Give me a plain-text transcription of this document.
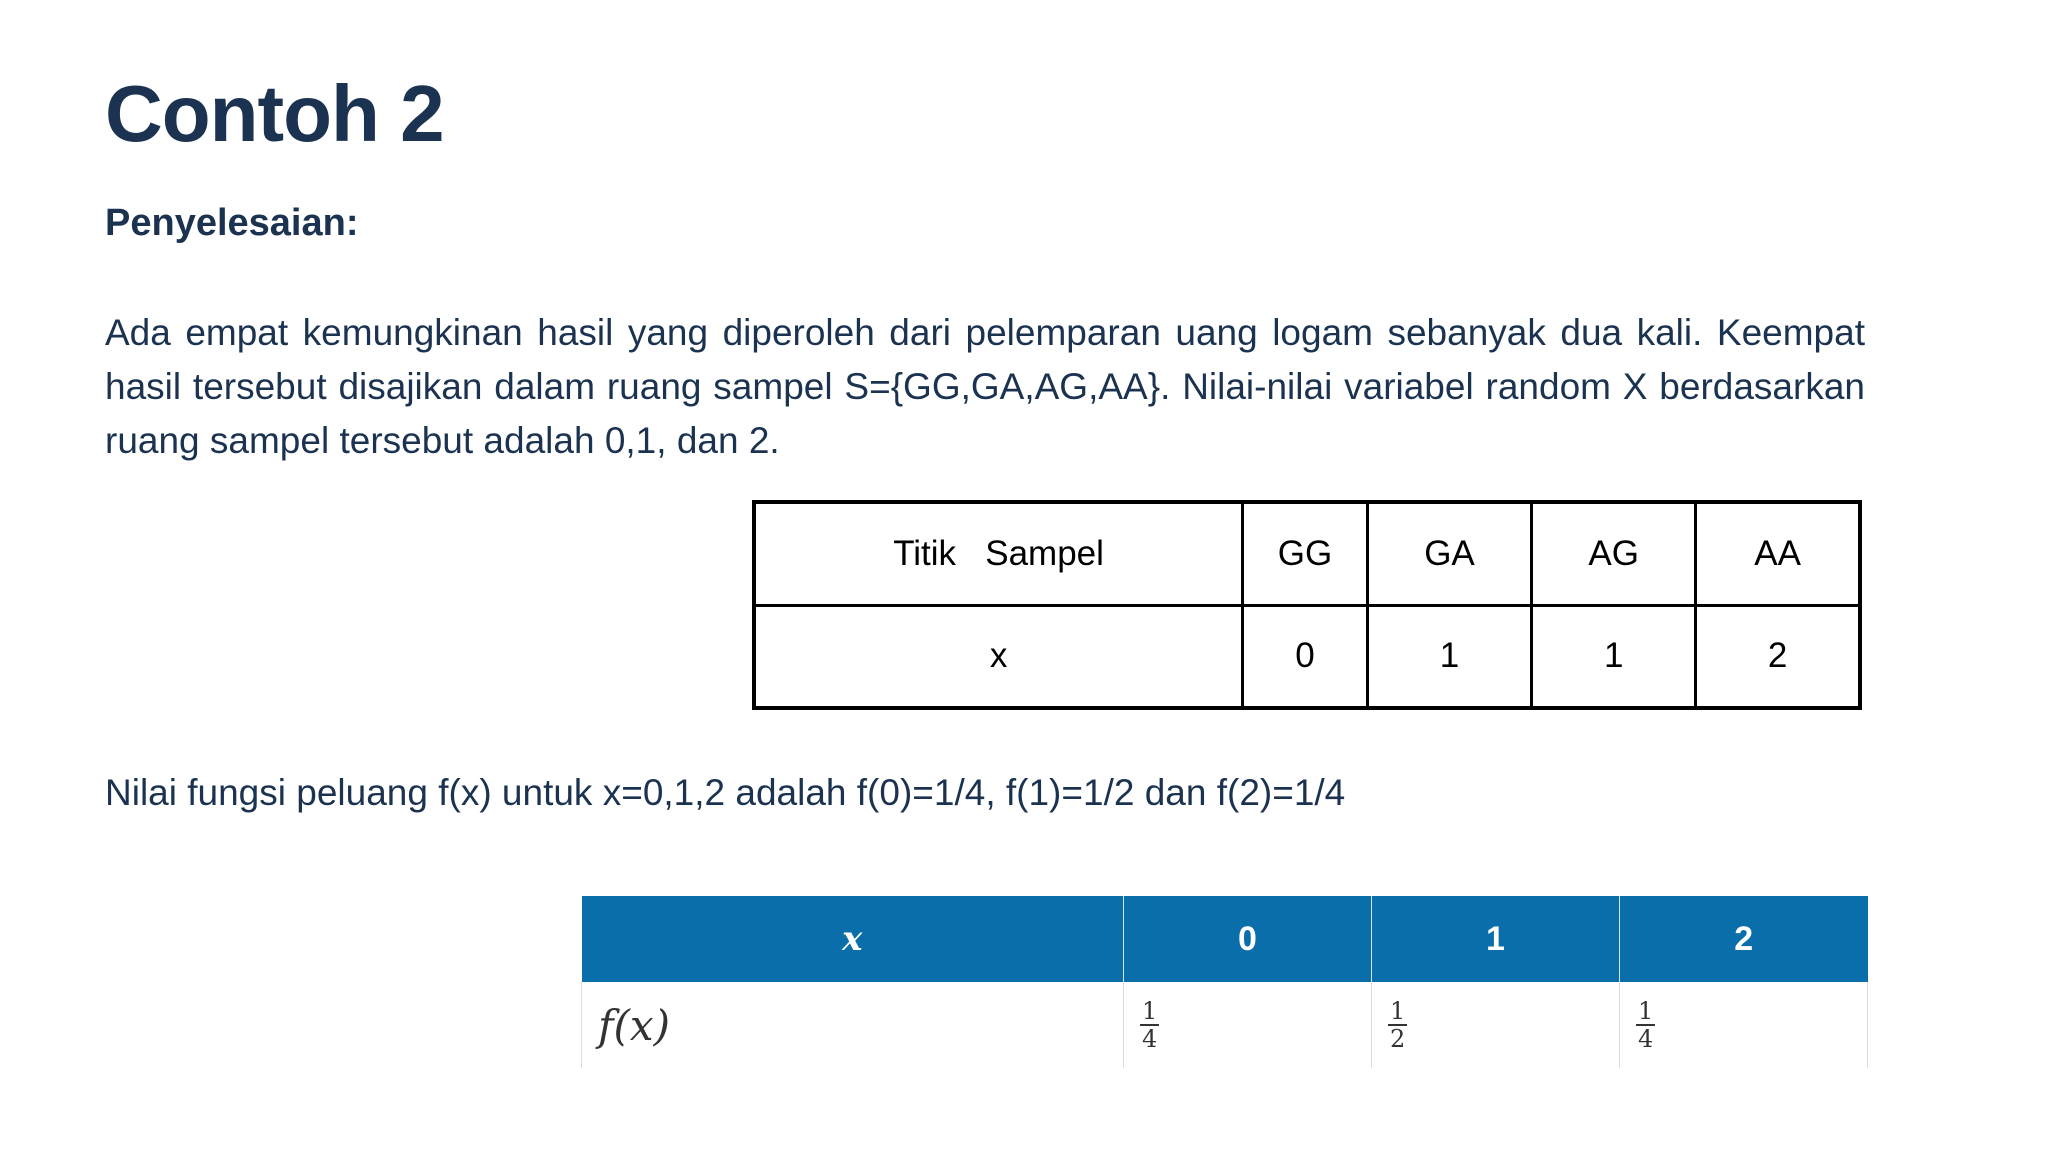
Contoh 2
Penyelesaian:

Ada empat kemungkinan hasil yang diperoleh dari pelemparan uang logam sebanyak dua kali. Keempat hasil tersebut disajikan dalam ruang sampel S={GG,GA,AG,AA}. Nilai-nilai variabel random X berdasarkan ruang sampel tersebut adalah 0,1, dan 2.

Titik   Sampel	GG	GA	AG	AA
x	0	1	1	2

Nilai fungsi peluang f(x) untuk x=0,1,2 adalah f(0)=1/4, f(1)=1/2 dan f(2)=1/4

x	0	1	2
f(x)	$\frac{1}{4}$	$\frac{1}{2}$	$\frac{1}{4}$
